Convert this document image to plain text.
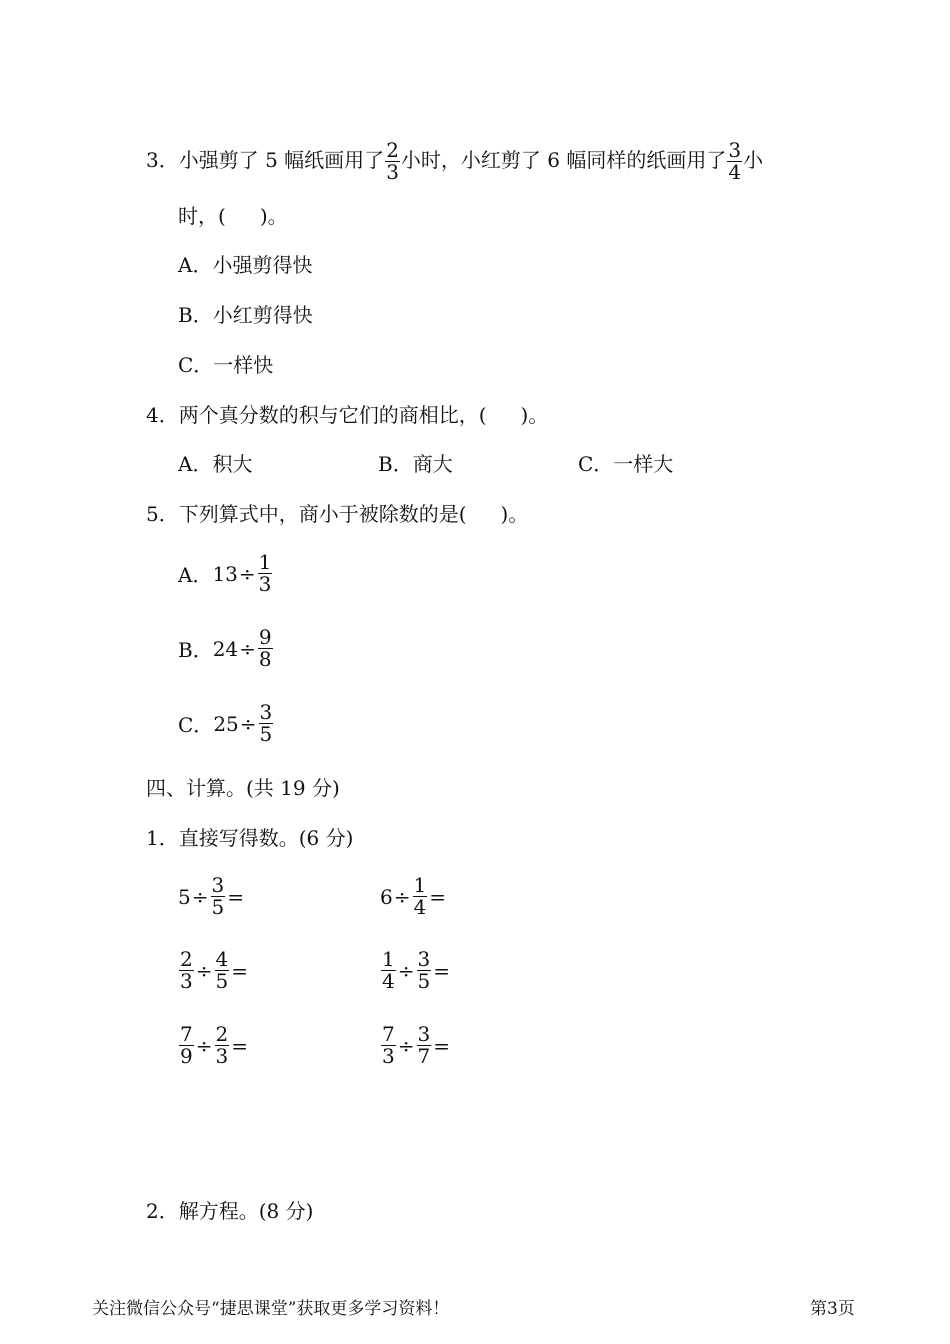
3．小强剪了 5 幅纸画用了 $\frac{2}{3}$ 小时，小红剪了 6 幅同样的纸画用了 $\frac{3}{4}$ 小
时，( )。
A．小强剪得快
B．小红剪得快
C．一样快
4．两个真分数的积与它们的商相比，( )。
A．积大	B．商大	C．一样大
5．下列算式中，商小于被除数的是( )。
A． $13 \div \frac{1}{3}$
B． $24 \div \frac{9}{8}$
C． $25 \div \frac{3}{5}$
四、计算。(共 19 分)
1．直接写得数。(6 分)
$5 \div \frac{3}{5}$ =	$6 \div \frac{1}{4}$ =
$\frac{2}{3} \div \frac{4}{5}$ =	$\frac{1}{4} \div \frac{3}{5}$ =
$\frac{7}{9} \div \frac{2}{3}$ =	$\frac{7}{3} \div \frac{3}{7}$ =
2．解方程。(8 分)
关注微信公众号“捷思课堂”获取更多学习资料！	第3页
